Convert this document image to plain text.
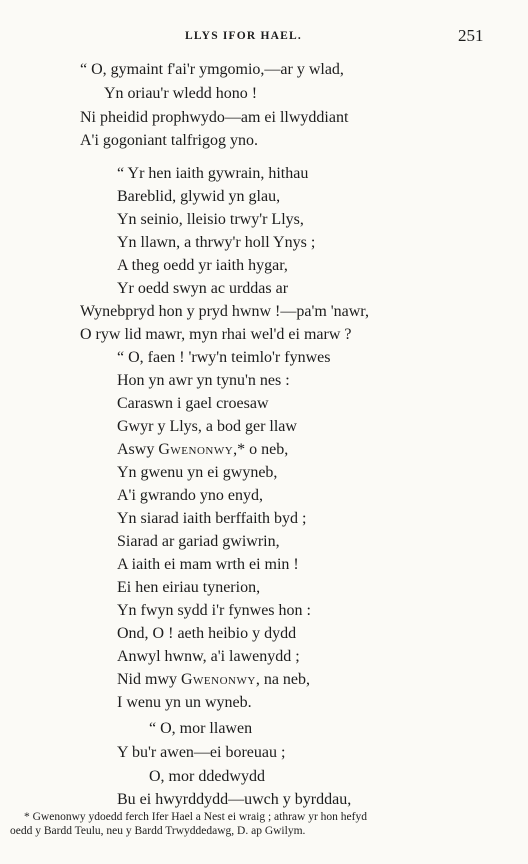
LLYS IFOR HAEL.	251
“ O, gymaint f'ai'r ymgomio,—ar y wlad,
Yn oriau'r wledd hono !
Ni pheidid prophwydo—am ei llwyddiant
A'i gogoniant talfrigog yno.
“ Yr hen iaith gywrain, hithau
Bareblid, glywid yn glau,
Yn seinio, lleisio trwy'r Llys,
Yn llawn, a thrwy'r holl Ynys ;
A theg oedd yr iaith hygar,
Yr oedd swyn ac urddas ar
Wynebpryd hon y pryd hwnw !—pa'm 'nawr,
O ryw lid mawr, myn rhai wel'd ei marw ?
“ O, faen ! 'rwy'n teimlo'r fynwes
Hon yn awr yn tynu'n nes :
Caraswn i gael croesaw
Gwyr y Llys, a bod ger llaw
Aswy Gwenonwy,* o neb,
Yn gwenu yn ei gwyneb,
A'i gwrando yno enyd,
Yn siarad iaith berffaith byd ;
Siarad ar gariad gwiwrin,
A iaith ei mam wrth ei min !
Ei hen eiriau tynerion,
Yn fwyn sydd i'r fynwes hon :
Ond, O ! aeth heibio y dydd
Anwyl hwnw, a'i lawenydd ;
Nid mwy Gwenonwy, na neb,
I wenu yn un wyneb.
“ O, mor llawen
Y bu'r awen—ei boreuau ;
O, mor ddedwydd
Bu ei hwyrddydd—uwch y byrddau,
* Gwenonwy ydoedd ferch Ifer Hael a Nest ei wraig ; athraw yr hon hefyd
oedd y Bardd Teulu, neu y Bardd Trwyddedawg, D. ap Gwilym.
